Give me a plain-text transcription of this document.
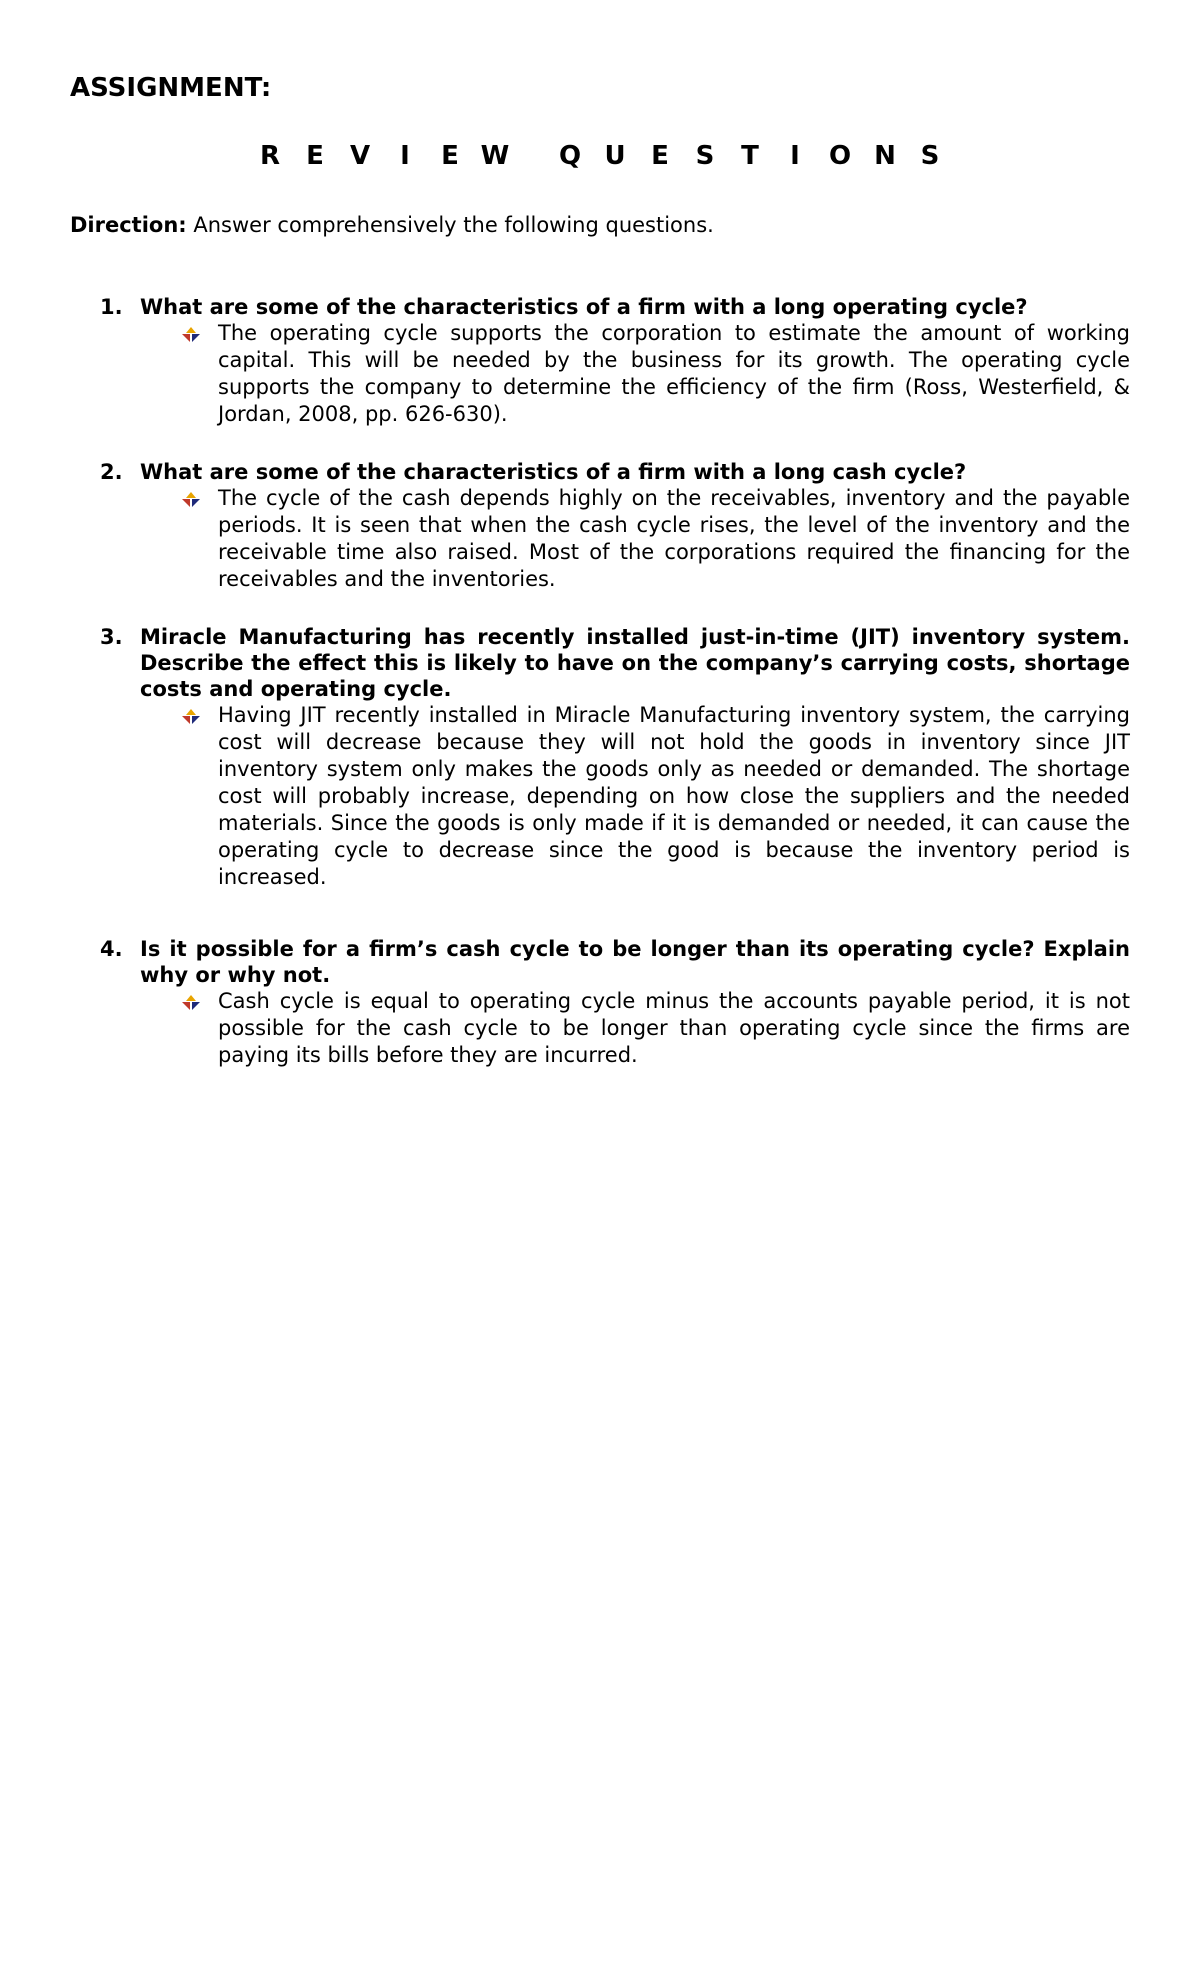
ASSIGNMENT:
R E V I E W Q U E S T I O N S
Direction: Answer comprehensively the following questions.
1. What are some of the characteristics of a firm with a long operating cycle?
The operating cycle supports the corporation to estimate the amount of working capital. This will be needed by the business for its growth. The operating cycle supports the company to determine the efficiency of the firm (Ross, Westerfield, & Jordan, 2008, pp. 626-630).
2. What are some of the characteristics of a firm with a long cash cycle?
The cycle of the cash depends highly on the receivables, inventory and the payable periods. It is seen that when the cash cycle rises, the level of the inventory and the receivable time also raised. Most of the corporations required the financing for the receivables and the inventories.
3. Miracle Manufacturing has recently installed just-in-time (JIT) inventory system. Describe the effect this is likely to have on the company’s carrying costs, shortage costs and operating cycle.
Having JIT recently installed in Miracle Manufacturing inventory system, the carrying cost will decrease because they will not hold the goods in inventory since JIT inventory system only makes the goods only as needed or demanded. The shortage cost will probably increase, depending on how close the suppliers and the needed materials. Since the goods is only made if it is demanded or needed, it can cause the operating cycle to decrease since the good is because the inventory period is increased.
4. Is it possible for a firm’s cash cycle to be longer than its operating cycle? Explain why or why not.
Cash cycle is equal to operating cycle minus the accounts payable period, it is not possible for the cash cycle to be longer than operating cycle since the firms are paying its bills before they are incurred.
REVIEW QUESTIONS
